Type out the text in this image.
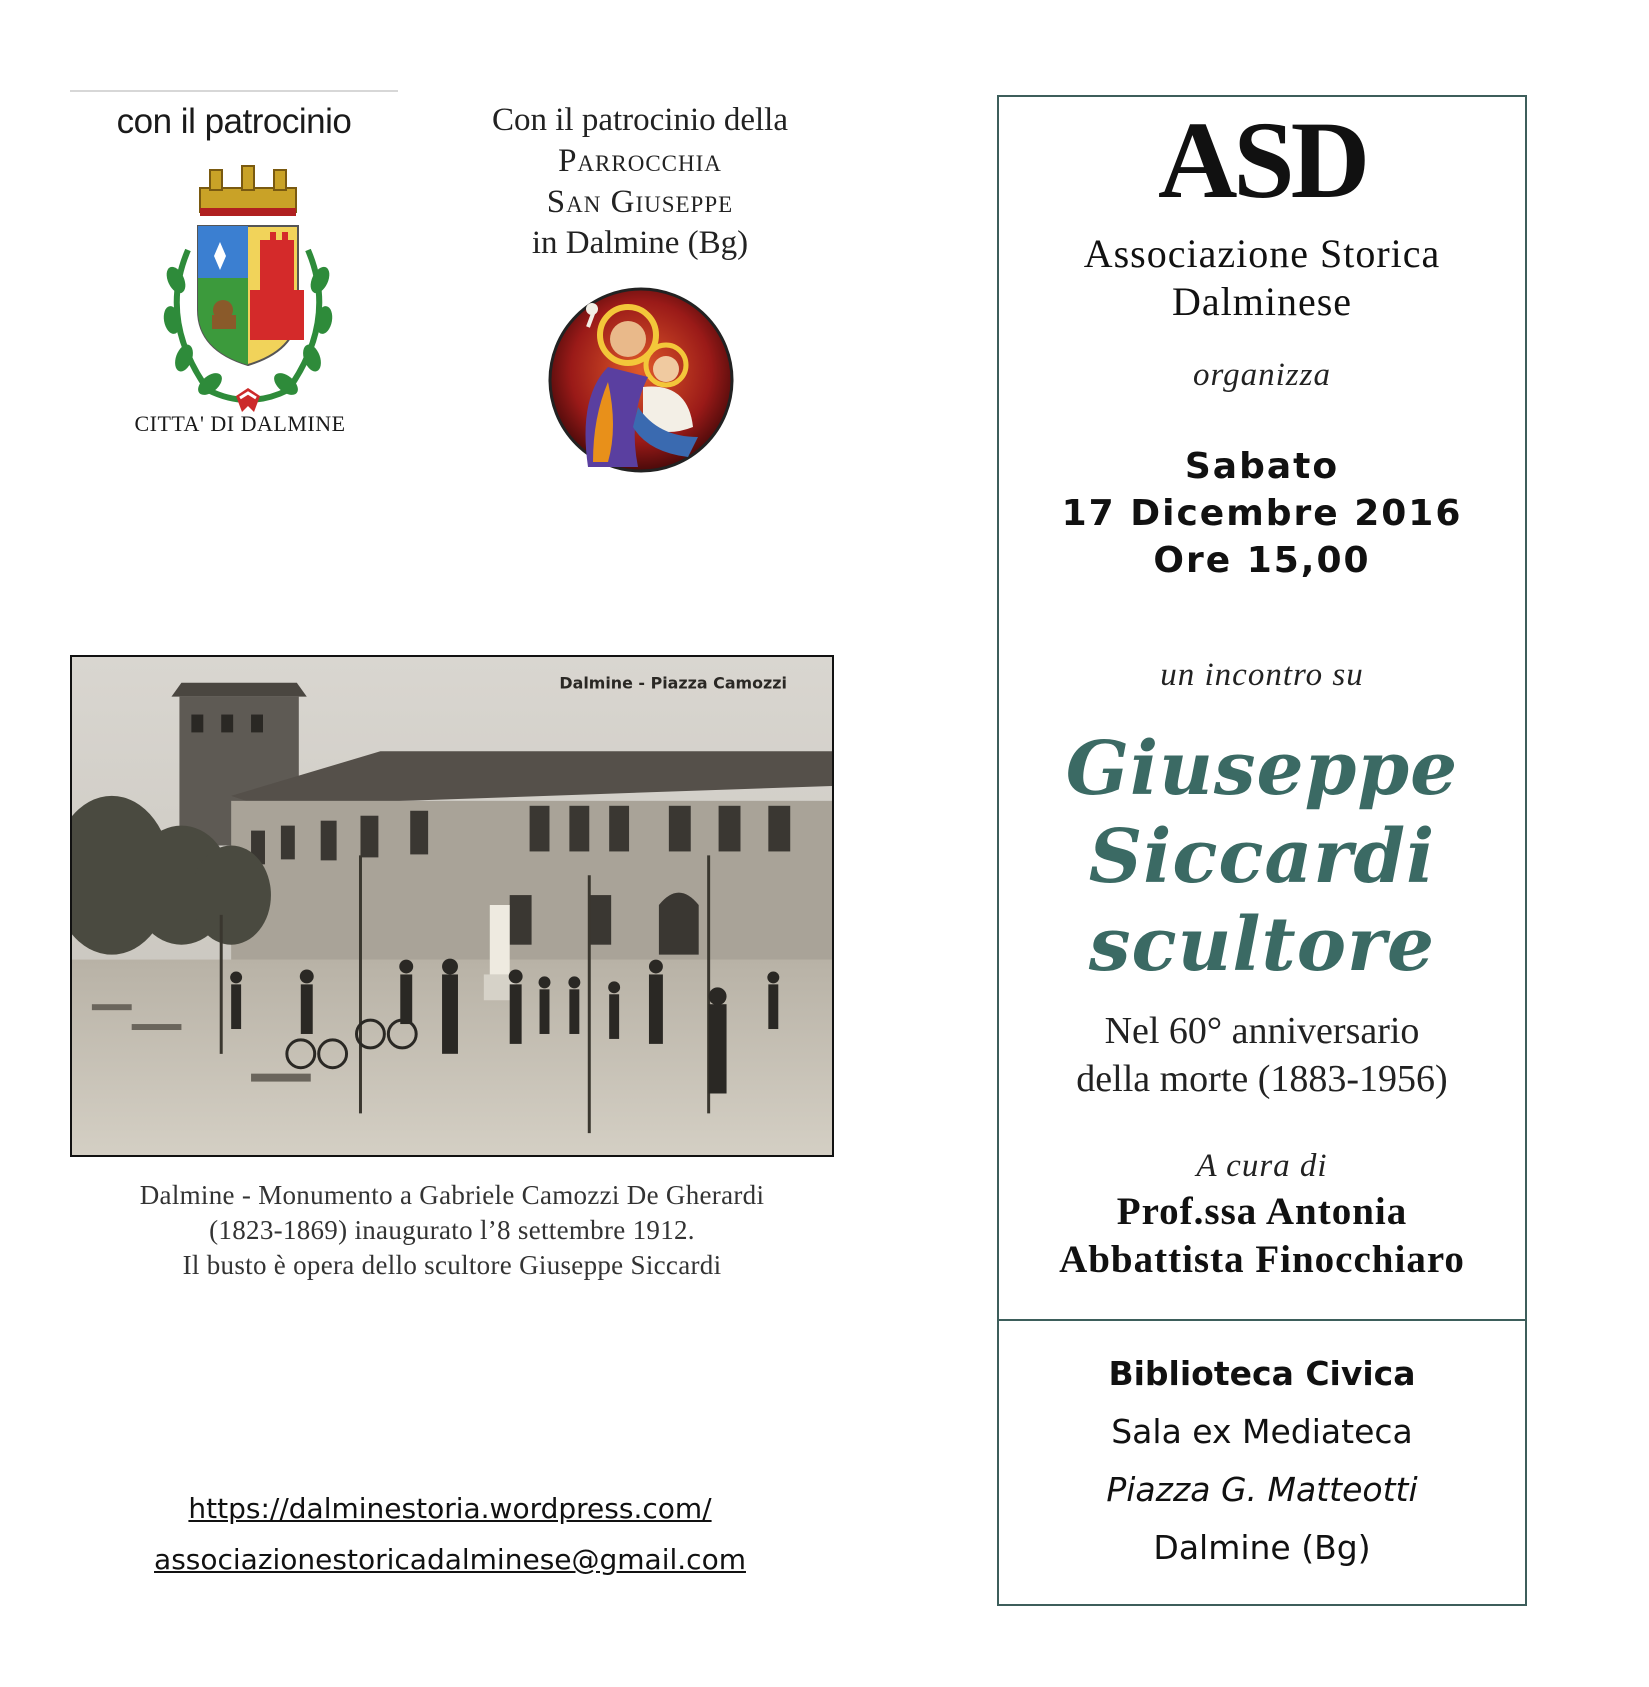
con il patrocinio
CITTA' DI DALMINE
Con il patrocinio della
Parrocchia
San Giuseppe
in Dalmine (Bg)
Dalmine - Piazza Camozzi
Dalmine - Monumento a Gabriele Camozzi De Gherardi
(1823-1869) inaugurato l’8 settembre 1912.
Il busto è opera dello scultore Giuseppe Siccardi
https://dalminestoria.wordpress.com/
associazionestoricadalminese@gmail.com
ASD
Associazione Storica
Dalminese
organizza
Sabato
17 Dicembre 2016
Ore 15,00
un incontro su
Giuseppe
Siccardi
scultore
Nel 60° anniversario
della morte (1883-1956)
A cura di
Prof.ssa Antonia
Abbattista Finocchiaro
Biblioteca Civica
Sala ex Mediateca
Piazza G. Matteotti
Dalmine (Bg)
